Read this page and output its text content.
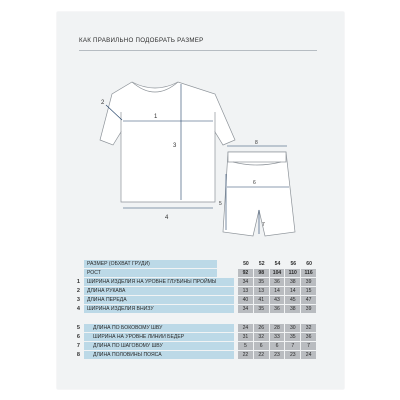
КАК ПРАВИЛЬНО ПОДОБРАТЬ РАЗМЕР
1
2
3
4
5
6
7
8
РАЗМЕР (ОБХВАТ ГРУДИ)	50	52	54	56	60
РОСТ	92	98	104	110	116
1	ШИРИНА ИЗДЕЛИЯ НА УРОВНЕ ГЛУБИНЫ ПРОЙМЫ	34	35	36	38	39
2	ДЛИНА РУКАВА	13	13	14	14	15
3	ДЛИНА ПЕРЕДА	40	41	43	45	47
4	ШИРИНА ИЗДЕЛИЯ ВНИЗУ	34	35	36	38	39
5	ДЛИНА ПО БОКОВОМУ ШВУ	24	26	28	30	32
6	ШИРИНА НА УРОВНЕ ЛИНИИ БЕДЕР	31	32	33	35	36
7	ДЛИНА ПО ШАГОВОМУ ШВУ	5	6	6	7	7
8	ДЛИНА ПОЛОВИНЫ ПОЯСА	22	22	23	23	24
